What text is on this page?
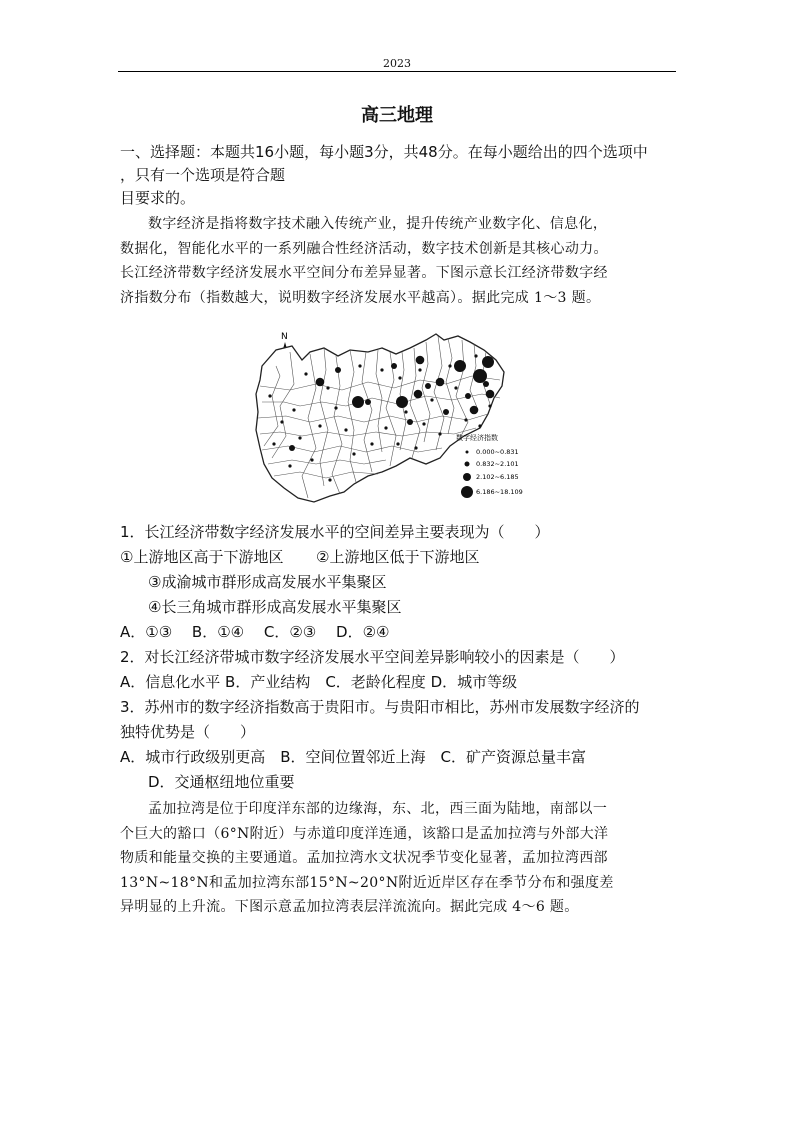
2023
高三地理
一、选择题：本题共16小题，每小题3分，共48分。在每小题给出的四个选项中
，只有一个选项是符合题
目要求的。

数字经济是指将数字技术融入传统产业，提升传统产业数字化、信息化，

数据化，智能化水平的一系列融合性经济活动，数字技术创新是其核心动力。

长江经济带数字经济发展水平空间分布差异显著。下图示意长江经济带数字经

济指数分布（指数越大，说明数字经济发展水平越高）。据此完成 1～3 题。

N
数字经济指数
0.000~0.831
0.832~2.101
2.102~6.185
6.186~18.109
1．长江经济带数字经济发展水平的空间差异主要表现为（　　）
①上游地区高于下游地区 ②上游地区低于下游地区
③成渝城市群形成高发展水平集聚区
④长三角城市群形成高发展水平集聚区
A．①③　 B．①④　 C．②③　 D．②④
2．对长江经济带城市数字经济发展水平空间差异影响较小的因素是（　　）
A．信息化水平 B．产业结构　C．老龄化程度 D．城市等级
3．苏州市的数字经济指数高于贵阳市。与贵阳市相比，苏州市发展数字经济的
独特优势是（　　）
A．城市行政级别更高　B．空间位置邻近上海　C．矿产资源总量丰富
D．交通枢纽地位重要

孟加拉湾是位于印度洋东部的边缘海，东、北，西三面为陆地，南部以一

个巨大的豁口（6°N附近）与赤道印度洋连通，该豁口是孟加拉湾与外部大洋

物质和能量交换的主要通道。孟加拉湾水文状况季节变化显著，孟加拉湾西部

13°N~18°N和孟加拉湾东部15°N~20°N附近近岸区存在季节分布和强度差

异明显的上升流。下图示意孟加拉湾表层洋流流向。据此完成 4～6 题。
